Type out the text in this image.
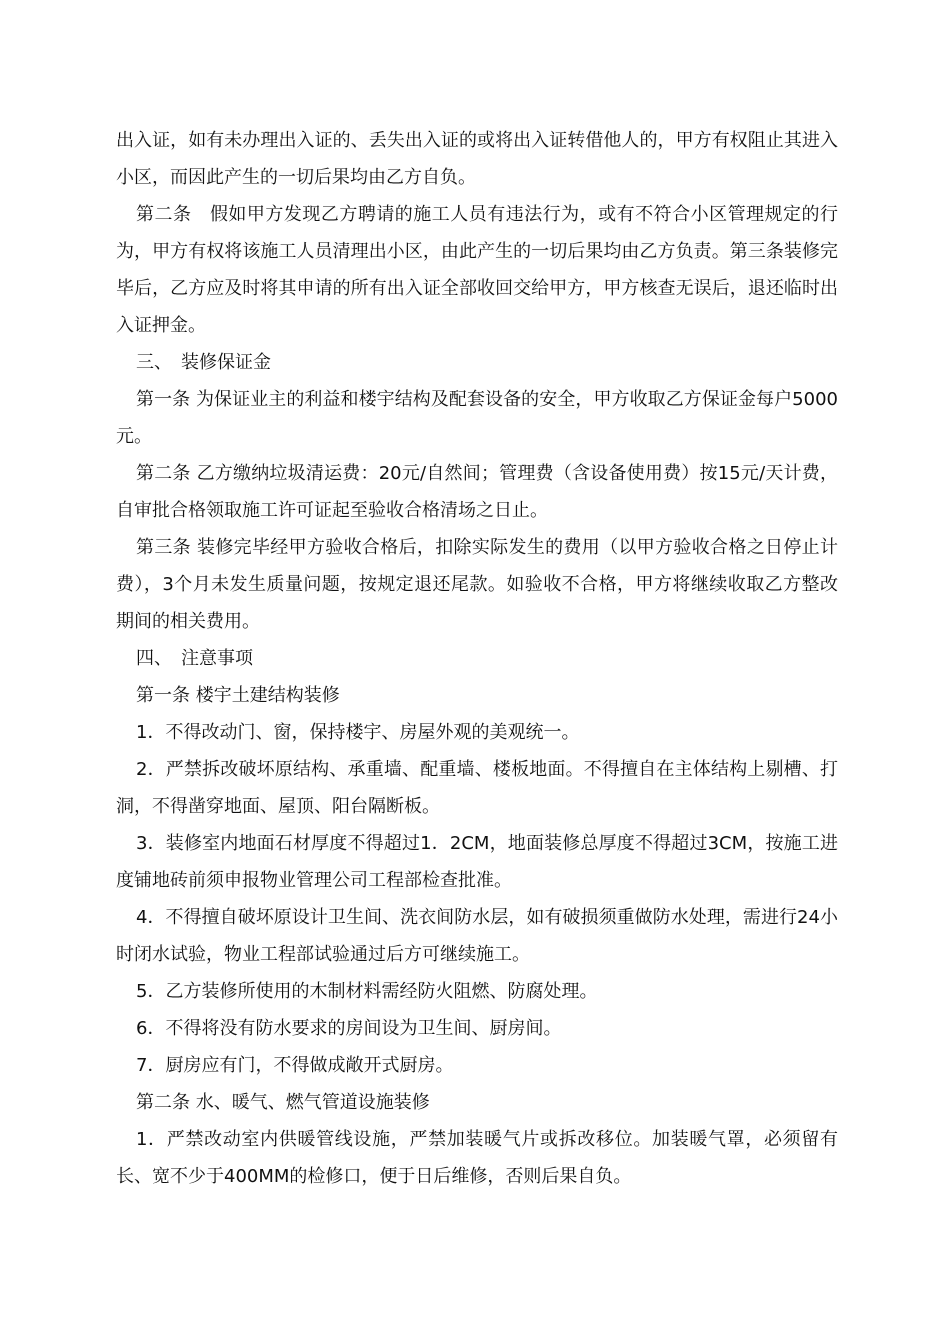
出入证，如有未办理出入证的、丢失出入证的或将出入证转借他人的，甲方有权阻止其进入小区，而因此产生的一切后果均由乙方自负。

第二条　假如甲方发现乙方聘请的施工人员有违法行为，或有不符合小区管理规定的行为，甲方有权将该施工人员清理出小区，由此产生的一切后果均由乙方负责。第三条装修完毕后，乙方应及时将其申请的所有出入证全部收回交给甲方，甲方核查无误后，退还临时出入证押金。

三、　装修保证金

第一条 为保证业主的利益和楼宇结构及配套设备的安全，甲方收取乙方保证金每户5000元。

第二条 乙方缴纳垃圾清运费：20元/自然间；管理费（含设备使用费）按15元/天计费，自审批合格领取施工许可证起至验收合格清场之日止。

第三条 装修完毕经甲方验收合格后，扣除实际发生的费用（以甲方验收合格之日停止计费），3个月未发生质量问题，按规定退还尾款。如验收不合格，甲方将继续收取乙方整改期间的相关费用。

四、　注意事项

第一条 楼宇土建结构装修

1．不得改动门、窗，保持楼宇、房屋外观的美观统一。

2．严禁拆改破坏原结构、承重墙、配重墙、楼板地面。不得擅自在主体结构上剔槽、打洞，不得凿穿地面、屋顶、阳台隔断板。

3．装修室内地面石材厚度不得超过1．2CM，地面装修总厚度不得超过3CM，按施工进度铺地砖前须申报物业管理公司工程部检查批准。

4．不得擅自破坏原设计卫生间、洗衣间防水层，如有破损须重做防水处理，需进行24小时闭水试验，物业工程部试验通过后方可继续施工。

5．乙方装修所使用的木制材料需经防火阻燃、防腐处理。

6．不得将没有防水要求的房间设为卫生间、厨房间。

7．厨房应有门，不得做成敞开式厨房。

第二条 水、暖气、燃气管道设施装修

1．严禁改动室内供暖管线设施，严禁加装暖气片或拆改移位。加装暖气罩，必须留有长、宽不少于400MM的检修口，便于日后维修，否则后果自负。
